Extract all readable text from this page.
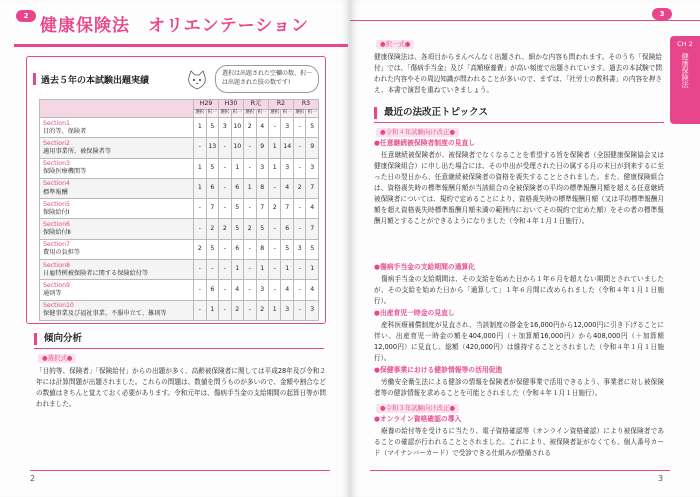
2 健康保険法　オリエンテーション
過去５年の本試験出題実績
選択は出題された空欄の数、択一は出題された肢の数です!
	H29		H30		R元		R2		R3	
	選択	択一	選択	択一	選択	択一	選択	択一	選択	択一

Section1
目的等、保険者	1	5	3	10	2	4	-	3	-	5

Section2
適用事業所、被保険者等	-	13	-	10	-	9	1	14	-	9

Section3
保険医療機関等	1	5	-	1	-	3	1	3	-	3

Section4
標準報酬	1	6	-	6	1	8	-	4	2	7

Section5
保険給付Ⅰ	-	7	-	5	-	7	2	7	-	4

Section6
保険給付Ⅱ	-	2	2	5	2	5	-	6	-	7

Section7
費用の負担等	2	5	-	6	-	8	-	5	3	5

Section8
日雇特例被保険者に関する保険給付等	-	-	-	1	-	1	-	1	-	1

Section9
通則等	-	6	-	4	-	3	-	4	-	4

Section10
保健事業及び福祉事業、不服申立て、雑則等	-	1	-	2	-	2	1	3	-	3
傾向分析
●選択式●
「目的等、保険者」「保険給付」からの出題が多く、高齢被保険者に関しては平成28年及び令和２年には計算問題が出題されました。これらの問題は、数値を問うものが多いので、金額や割合などの数値はきちんと覚えておく必要があります。令和元年は、傷病手当金の支給期間の起算日等が問われました。
2
3
CH 2
健康保険法
●択一式●
健康保険法は、各項目からまんべんなく出題され、細かな内容も問われます。そのうち「保険給付」では、「傷病手当金」及び「高額療養費」が高い頻度で出題されています。過去の本試験で問われた内容やその周辺知識が問われることが多いので、まずは、「社労士の教科書」の内容を押さえ、本書で演習を重ねていきましょう。
最近の法改正トピックス
●令和４年試験向け改正●
●任意継続被保険者制度の見直し
任意継続被保険者が、被保険者でなくなることを希望する旨を保険者（全国健康保険協会又は健康保険組合）に申し出た場合には、その申出が受理された日の属する月の末日が到来するに至った日の翌日から、任意継続被保険者の資格を喪失することとされました。また、健康保険組合は、資格喪失時の標準報酬月額が当該組合の全被保険者の平均の標準報酬月額を超える任意継続被保険者については、規約で定めることにより、資格喪失時の標準報酬月額（又は平均標準報酬月額を超え資格喪失時標準報酬月額未満の範囲内においてその規約で定めた額）をその者の標準報酬月額とすることができるようになりました（令和４年１月１日施行）。
●傷病手当金の支給期間の通算化
傷病手当金の支給期間は、その支給を始めた日から１年６月を超えない期間とされていましたが、その支給を始めた日から「通算して」１年６月間に改められました（令和４年１月１日施行）。
●出産育児一時金の見直し
産科医療補償制度が見直され、当該制度の掛金を16,000円から12,000円に引き下げることに伴い、出産育児一時金の額を404,000円（＋加算額16,000円）から408,000円（＋加算額12,000円）に見直し、総額（420,000円）は維持することとされました（令和４年１月１日施行）。
●保健事業における健診情報等の活用促進
労働安全衛生法による健診の情報を保険者が保健事業で活用できるよう、事業者に対し被保険者等の健診情報を求めることを可能とされました（令和４年１月１日施行）。
●令和３年試験向け改正●
●オンライン資格確認の導入
療養の給付等を受けるに当たり、電子資格確認等（オンライン資格確認）により被保険者であることの確認が行われることとされました。これにより、被保険者証がなくても、個人番号カード（マイナンバーカード）で受診できる仕組みが整備される
3
